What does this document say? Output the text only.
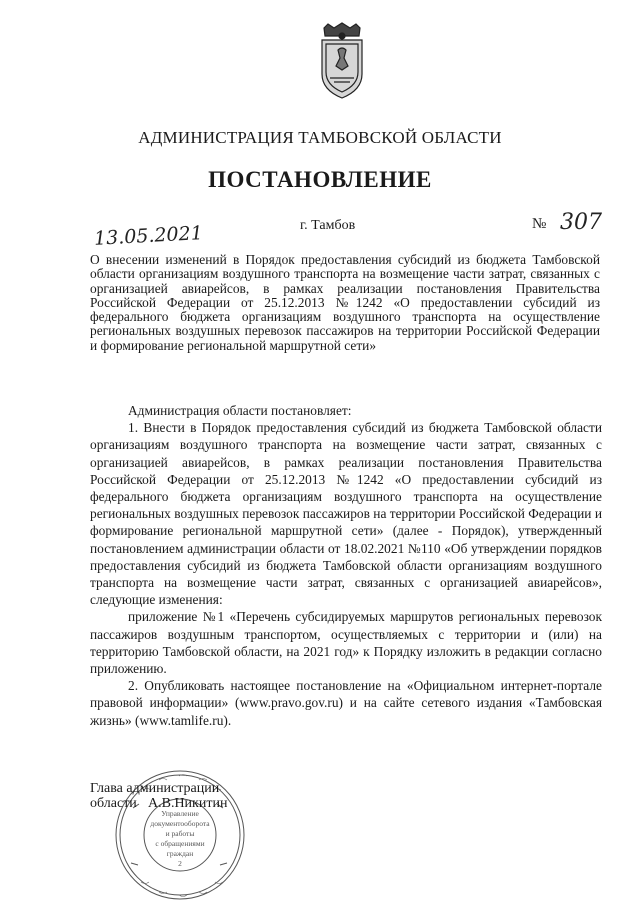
АДМИНИСТРАЦИЯ ТАМБОВСКОЙ ОБЛАСТИ
ПОСТАНОВЛЕНИЕ
13.05.2021	г. Тамбов	№ 307
О внесении изменений в Порядок предоставления субсидий из бюджета Тамбовской области организациям воздушного транспорта на возмещение части затрат, связанных с организацией авиарейсов, в рамках реализации постановления Правительства Российской Федерации от 25.12.2013 №1242 «О предоставлении субсидий из федерального бюджета организациям воздушного транспорта на осуществление региональных воздушных перевозок пассажиров на территории Российской Федерации и формирование региональной маршрутной сети»

Администрация области постановляет:

1. Внести в Порядок предоставления субсидий из бюджета Тамбовской области организациям воздушного транспорта на возмещение части затрат, связанных с организацией авиарейсов, в рамках реализации постановления Правительства Российской Федерации от 25.12.2013 №1242 «О предоставлении субсидий из федерального бюджета организациям воздушного транспорта на осуществление региональных воздушных перевозок пассажиров на территории Российской Федерации и формирование региональной маршрутной сети» (далее - Порядок), утвержденный постановлением администрации области от 18.02.2021 №110 «Об утверждении порядков предоставления субсидий из бюджета Тамбовской области организациям воздушного транспорта на возмещение части затрат, связанных с организацией авиарейсов», следующие изменения:

приложение №1 «Перечень субсидируемых маршрутов региональных перевозок пассажиров воздушным транспортом, осуществляемых с территории и (или) на территорию Тамбовской области, на 2021 год» к Порядку изложить в редакции согласно приложению.

2. Опубликовать настоящее постановление на «Официальном интернет-портале правовой информации» (www.pravo.gov.ru) и на сайте сетевого издания «Тамбовская жизнь» (www.tamlife.ru).

Управление
документооборота
и работы
с обращениями
граждан
2
Глава администрации
области А.В.Никитин
